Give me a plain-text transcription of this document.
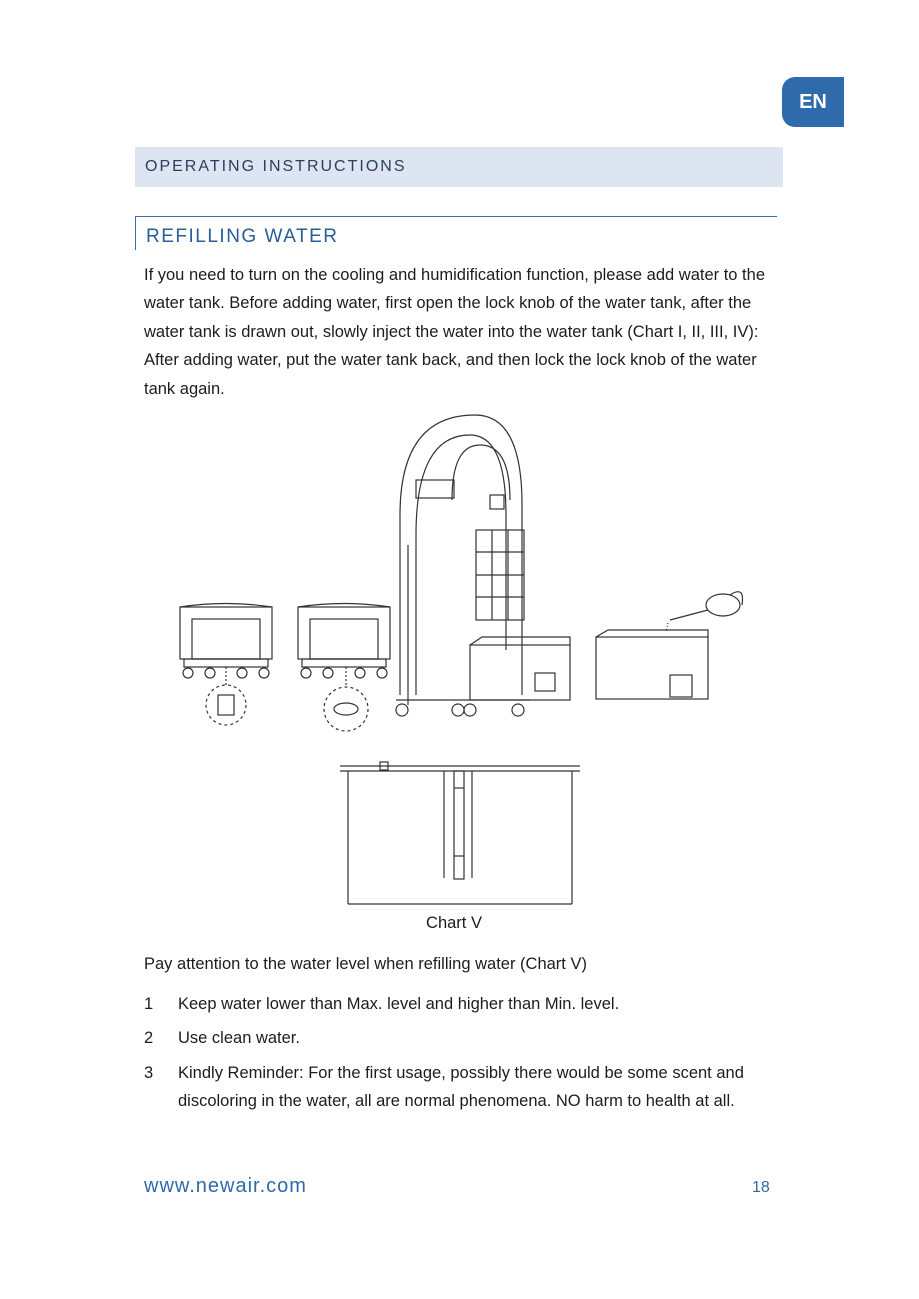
EN
OPERATING INSTRUCTIONS
REFILLING WATER

If you need to turn on the cooling and humidification function, please add water to the water tank. Before adding water, first open the lock knob of the water tank, after the water tank is drawn out, slowly inject the water into the water tank (Chart I, II, III, IV): After adding water, put the water tank back, and then lock the lock knob of the water tank again.

Chart V
Pay attention to the water level when refilling water (Chart V)
1	Keep water lower than Max. level and higher than Min. level.
2	Use clean water.
3	Kindly Reminder: For the first usage, possibly there would be some scent and discoloring in the water, all are normal phenomena. NO harm to health at all.
www.newair.com	18
